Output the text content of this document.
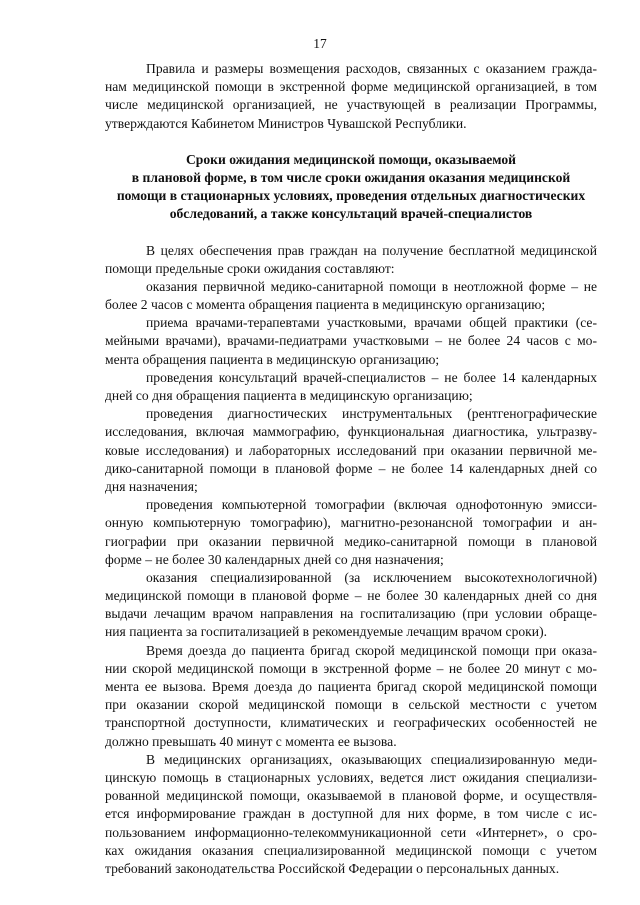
17
Правила и размеры возмещения расходов, связанных с оказанием гражда-
нам медицинской помощи в экстренной форме медицинской организацией, в том
числе медицинской организацией, не участвующей в реализации Программы,
утверждаются Кабинетом Министров Чувашской Республики.
Сроки ожидания медицинской помощи, оказываемой
в плановой форме, в том числе сроки ожидания оказания медицинской
помощи в стационарных условиях, проведения отдельных диагностических
обследований, а также консультаций врачей-специалистов
В целях обеспечения прав граждан на получение бесплатной медицинской
помощи предельные сроки ожидания составляют:
оказания первичной медико-санитарной помощи в неотложной форме – не
более 2 часов с момента обращения пациента в медицинскую организацию;
приема врачами-терапевтами участковыми, врачами общей практики (се-
мейными врачами), врачами-педиатрами участковыми – не более 24 часов с мо-
мента обращения пациента в медицинскую организацию;
проведения консультаций врачей-специалистов – не более 14 календарных
дней со дня обращения пациента в медицинскую организацию;
проведения диагностических инструментальных (рентгенографические
исследования, включая маммографию, функциональная диагностика, ультразву-
ковые исследования) и лабораторных исследований при оказании первичной ме-
дико-санитарной помощи в плановой форме – не более 14 календарных дней со
дня назначения;
проведения компьютерной томографии (включая однофотонную эмисси-
онную компьютерную томографию), магнитно-резонансной томографии и ан-
гиографии при оказании первичной медико-санитарной помощи в плановой
форме – не более 30 календарных дней со дня назначения;
оказания специализированной (за исключением высокотехнологичной)
медицинской помощи в плановой форме – не более 30 календарных дней со дня
выдачи лечащим врачом направления на госпитализацию (при условии обраще-
ния пациента за госпитализацией в рекомендуемые лечащим врачом сроки).
Время доезда до пациента бригад скорой медицинской помощи при оказа-
нии скорой медицинской помощи в экстренной форме – не более 20 минут с мо-
мента ее вызова. Время доезда до пациента бригад скорой медицинской помощи
при оказании скорой медицинской помощи в сельской местности с учетом
транспортной доступности, климатических и географических особенностей не
должно превышать 40 минут с момента ее вызова.
В медицинских организациях, оказывающих специализированную меди-
цинскую помощь в стационарных условиях, ведется лист ожидания специализи-
рованной медицинской помощи, оказываемой в плановой форме, и осуществля-
ется информирование граждан в доступной для них форме, в том числе с ис-
пользованием информационно-телекоммуникационной сети «Интернет», о сро-
ках ожидания оказания специализированной медицинской помощи с учетом
требований законодательства Российской Федерации о персональных данных.
